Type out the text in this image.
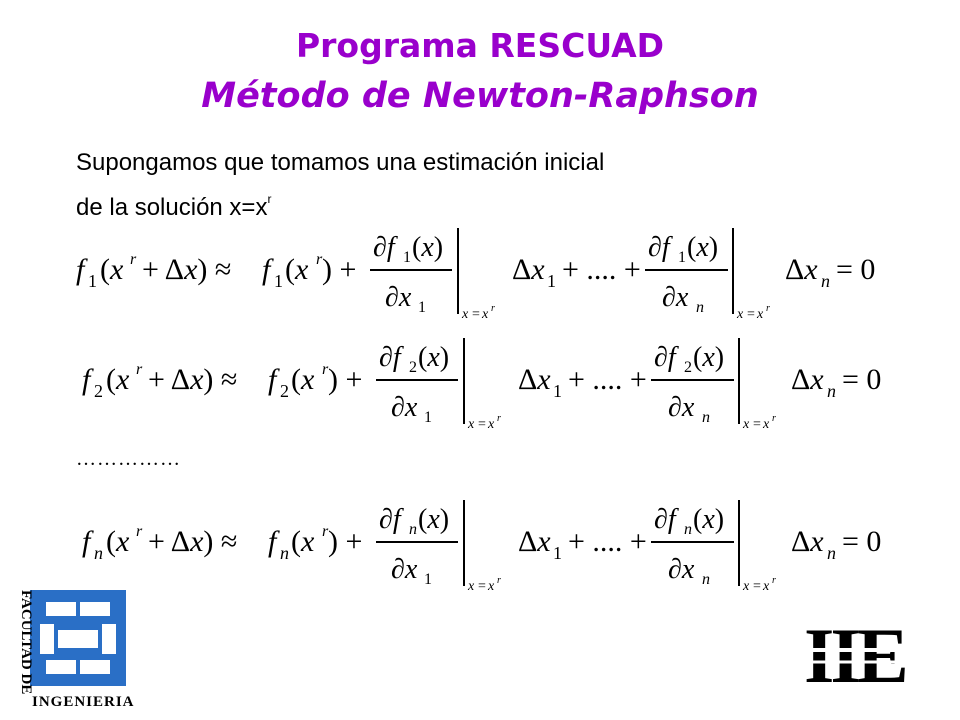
Programa RESCUAD
Método de Newton-Raphson
Supongamos que tomamos una estimación inicial
de la solución $x=x^r$
f 1 (x r + Δx) ≈ f 1 (x r ) +
∂f 1 (x)
∂x 1	x = x r
Δx 1 + .... +
∂f 1 (x)
∂x n x = x r
Δx n = 0
f 2 (x r + Δx) ≈ f 2 (x r ) +
∂f 2 (x)
∂x 1	x = x r
Δx 1 + .... +
∂f 2 (x)
∂x n x = x r
Δx n = 0
……………
f n (x r + Δx) ≈ f n (x r ) +
∂f n (x)
∂x 1	x = x r
Δx 1 + .... +
∂f n (x)
∂x n x = x r
Δx n = 0
FACULTAD DE
INGENIERIA
IIE
